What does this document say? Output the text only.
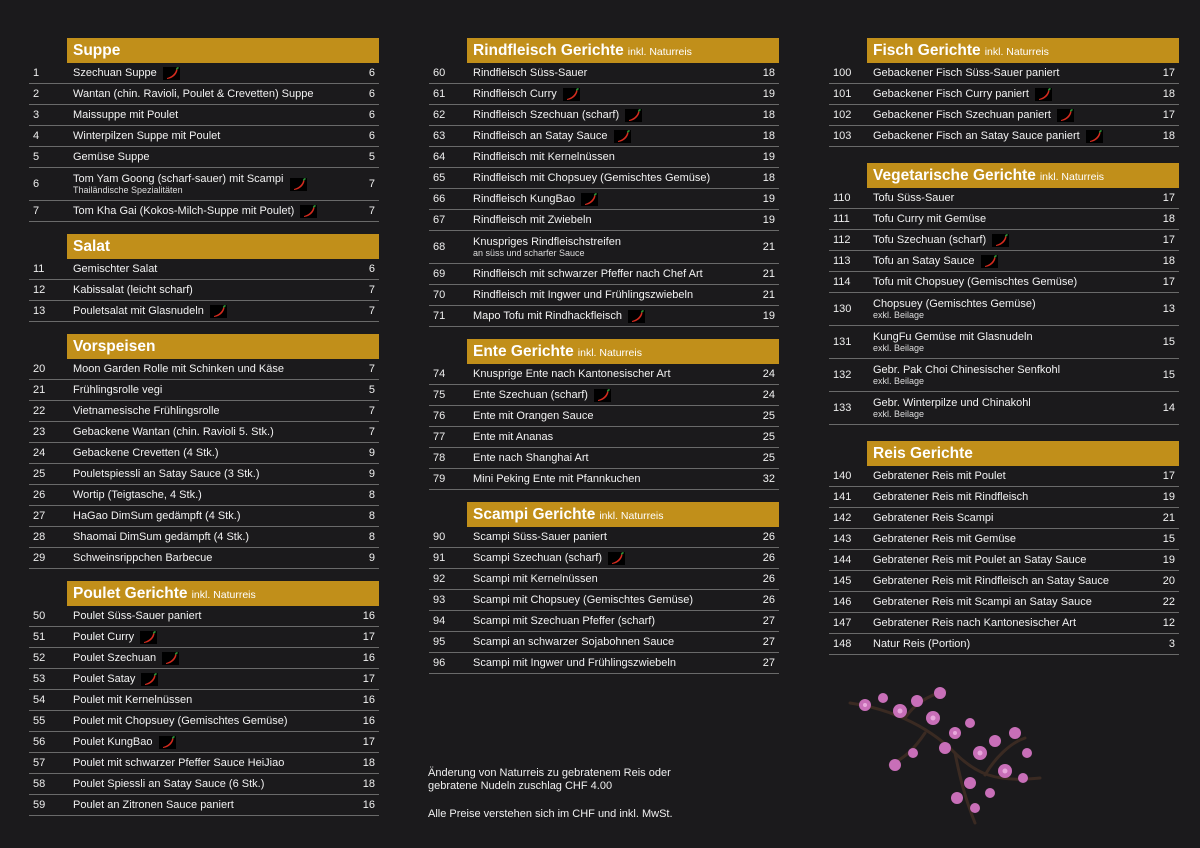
Suppe
1	Szechuan Suppe	6
2	Wantan (chin. Ravioli, Poulet & Crevetten) Suppe	6
3	Maissuppe mit Poulet	6
4	Winterpilzen Suppe mit Poulet	6
5	Gemüse Suppe	5
6	Tom Yam Goong (scharf-sauer) mit Scampi
Thailändische Spezialitäten	7
7	Tom Kha Gai (Kokos-Milch-Suppe mit Poulet)	7
Salat
11	Gemischter Salat	6
12	Kabissalat (leicht scharf)	7
13	Pouletsalat mit Glasnudeln	7
Vorspeisen
20	Moon Garden Rolle mit Schinken und Käse	7
21	Frühlingsrolle vegi	5
22	Vietnamesische Frühlingsrolle	7
23	Gebackene Wantan (chin. Ravioli 5. Stk.)	7
24	Gebackene Crevetten (4 Stk.)	9
25	Pouletspiessli an Satay Sauce (3 Stk.)	9
26	Wortip (Teigtasche, 4 Stk.)	8
27	HaGao DimSum gedämpft (4 Stk.)	8
28	Shaomai DimSum gedämpft (4 Stk.)	8
29	Schweinsrippchen Barbecue	9
Poulet Gerichte inkl. Naturreis
50	Poulet Süss-Sauer paniert	16
51	Poulet Curry	17
52	Poulet Szechuan	16
53	Poulet Satay	17
54	Poulet mit Kernelnüssen	16
55	Poulet mit Chopsuey (Gemischtes Gemüse)	16
56	Poulet KungBao	17
57	Poulet mit schwarzer Pfeffer Sauce HeiJiao	18
58	Poulet Spiessli an Satay Sauce (6 Stk.)	18
59	Poulet an Zitronen Sauce paniert	16
Rindfleisch Gerichte inkl. Naturreis
60	Rindfleisch Süss-Sauer	18
61	Rindfleisch Curry	19
62	Rindfleisch Szechuan (scharf)	18
63	Rindfleisch an Satay Sauce	18
64	Rindfleisch mit Kernelnüssen	19
65	Rindfleisch mit Chopsuey (Gemischtes Gemüse)	18
66	Rindfleisch KungBao	19
67	Rindfleisch mit Zwiebeln	19
68	Knuspriges Rindfleischstreifen
an süss und scharfer Sauce	21
69	Rindfleisch mit schwarzer Pfeffer nach Chef Art	21
70	Rindfleisch mit Ingwer und Frühlingszwiebeln	21
71	Mapo Tofu mit Rindhackfleisch	19
Ente Gerichte inkl. Naturreis
74	Knusprige Ente nach Kantonesischer Art	24
75	Ente Szechuan (scharf)	24
76	Ente mit Orangen Sauce	25
77	Ente mit Ananas	25
78	Ente nach Shanghai Art	25
79	Mini Peking Ente mit Pfannkuchen	32
Scampi Gerichte inkl. Naturreis
90	Scampi Süss-Sauer paniert	26
91	Scampi Szechuan (scharf)	26
92	Scampi mit Kernelnüssen	26
93	Scampi mit Chopsuey (Gemischtes Gemüse)	26
94	Scampi mit Szechuan Pfeffer (scharf)	27
95	Scampi an schwarzer Sojabohnen Sauce	27
96	Scampi mit Ingwer und Frühlingszwiebeln	27
Fisch Gerichte inkl. Naturreis
100	Gebackener Fisch Süss-Sauer paniert	17
101	Gebackener Fisch Curry paniert	18
102	Gebackener Fisch Szechuan paniert	17
103	Gebackener Fisch an Satay Sauce paniert	18
Vegetarische Gerichte inkl. Naturreis
110	Tofu Süss-Sauer	17
111	Tofu Curry mit Gemüse	18
112	Tofu Szechuan (scharf)	17
113	Tofu an Satay Sauce	18
114	Tofu mit Chopsuey (Gemischtes Gemüse)	17
130	Chopsuey (Gemischtes Gemüse)
exkl. Beilage	13
131	KungFu Gemüse mit Glasnudeln
exkl. Beilage	15
132	Gebr. Pak Choi Chinesischer Senfkohl
exkl. Beilage	15
133	Gebr. Winterpilze und Chinakohl
exkl. Beilage	14
Reis Gerichte
140	Gebratener Reis mit Poulet	17
141	Gebratener Reis mit Rindfleisch	19
142	Gebratener Reis Scampi	21
143	Gebratener Reis mit Gemüse	15
144	Gebratener Reis mit Poulet an Satay Sauce	19
145	Gebratener Reis mit Rindfleisch an Satay Sauce	20
146	Gebratener Reis mit Scampi an Satay Sauce	22
147	Gebratener Reis nach Kantonesischer Art	12
148	Natur Reis (Portion)	3
Änderung von Naturreis zu gebratenem Reis oder
gebratene Nudeln zuschlag CHF 4.00
Alle Preise verstehen sich im CHF und inkl. MwSt.
